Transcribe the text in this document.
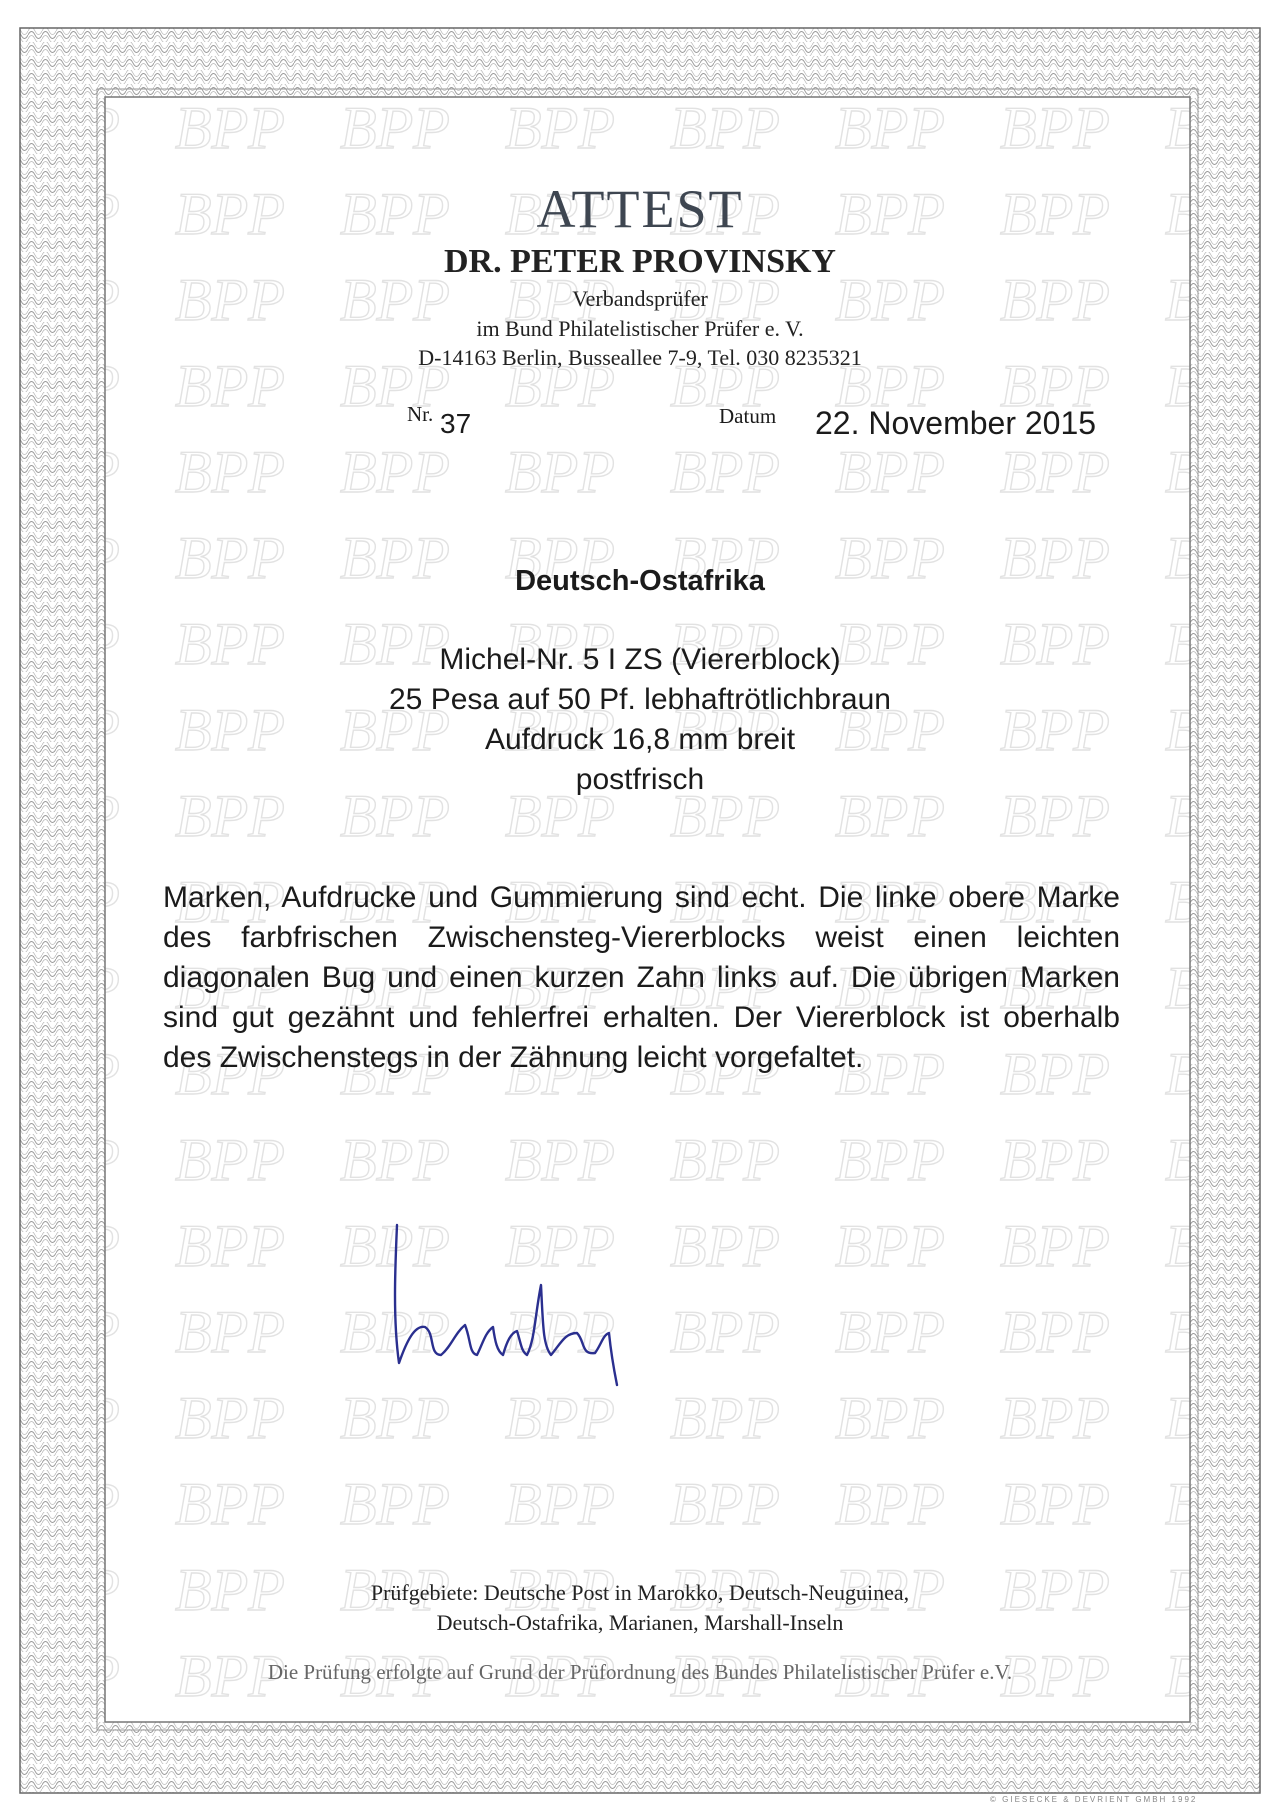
ATTEST
DR. PETER PROVINSKY
Verbandsprüfer
im Bund Philatelistischer Prüfer e. V.
D-14163 Berlin, Busseallee 7-9, Tel. 030 8235321
Nr. 37	Datum 22. November 2015
Deutsch-Ostafrika
Michel-Nr. 5 I ZS (Viererblock)
25 Pesa auf 50 Pf. lebhaftrötlichbraun
Aufdruck 16,8 mm breit
postfrisch
Marken, Aufdrucke und Gummierung sind echt. Die linke obere Marke des farbfrischen Zwischensteg-Viererblocks weist einen leichten diagonalen Bug und einen kurzen Zahn links auf. Die übrigen Marken sind gut gezähnt und fehlerfrei erhalten. Der Viererblock ist oberhalb des Zwischenstegs in der Zähnung leicht vorgefaltet.
Prüfgebiete: Deutsche Post in Marokko, Deutsch-Neuguinea,
Deutsch-Ostafrika, Marianen, Marshall-Inseln
Die Prüfung erfolgte auf Grund der Prüfordnung des Bundes Philatelistischer Prüfer e.V.
© GIESECKE & DEVRIENT GMBH 1992
